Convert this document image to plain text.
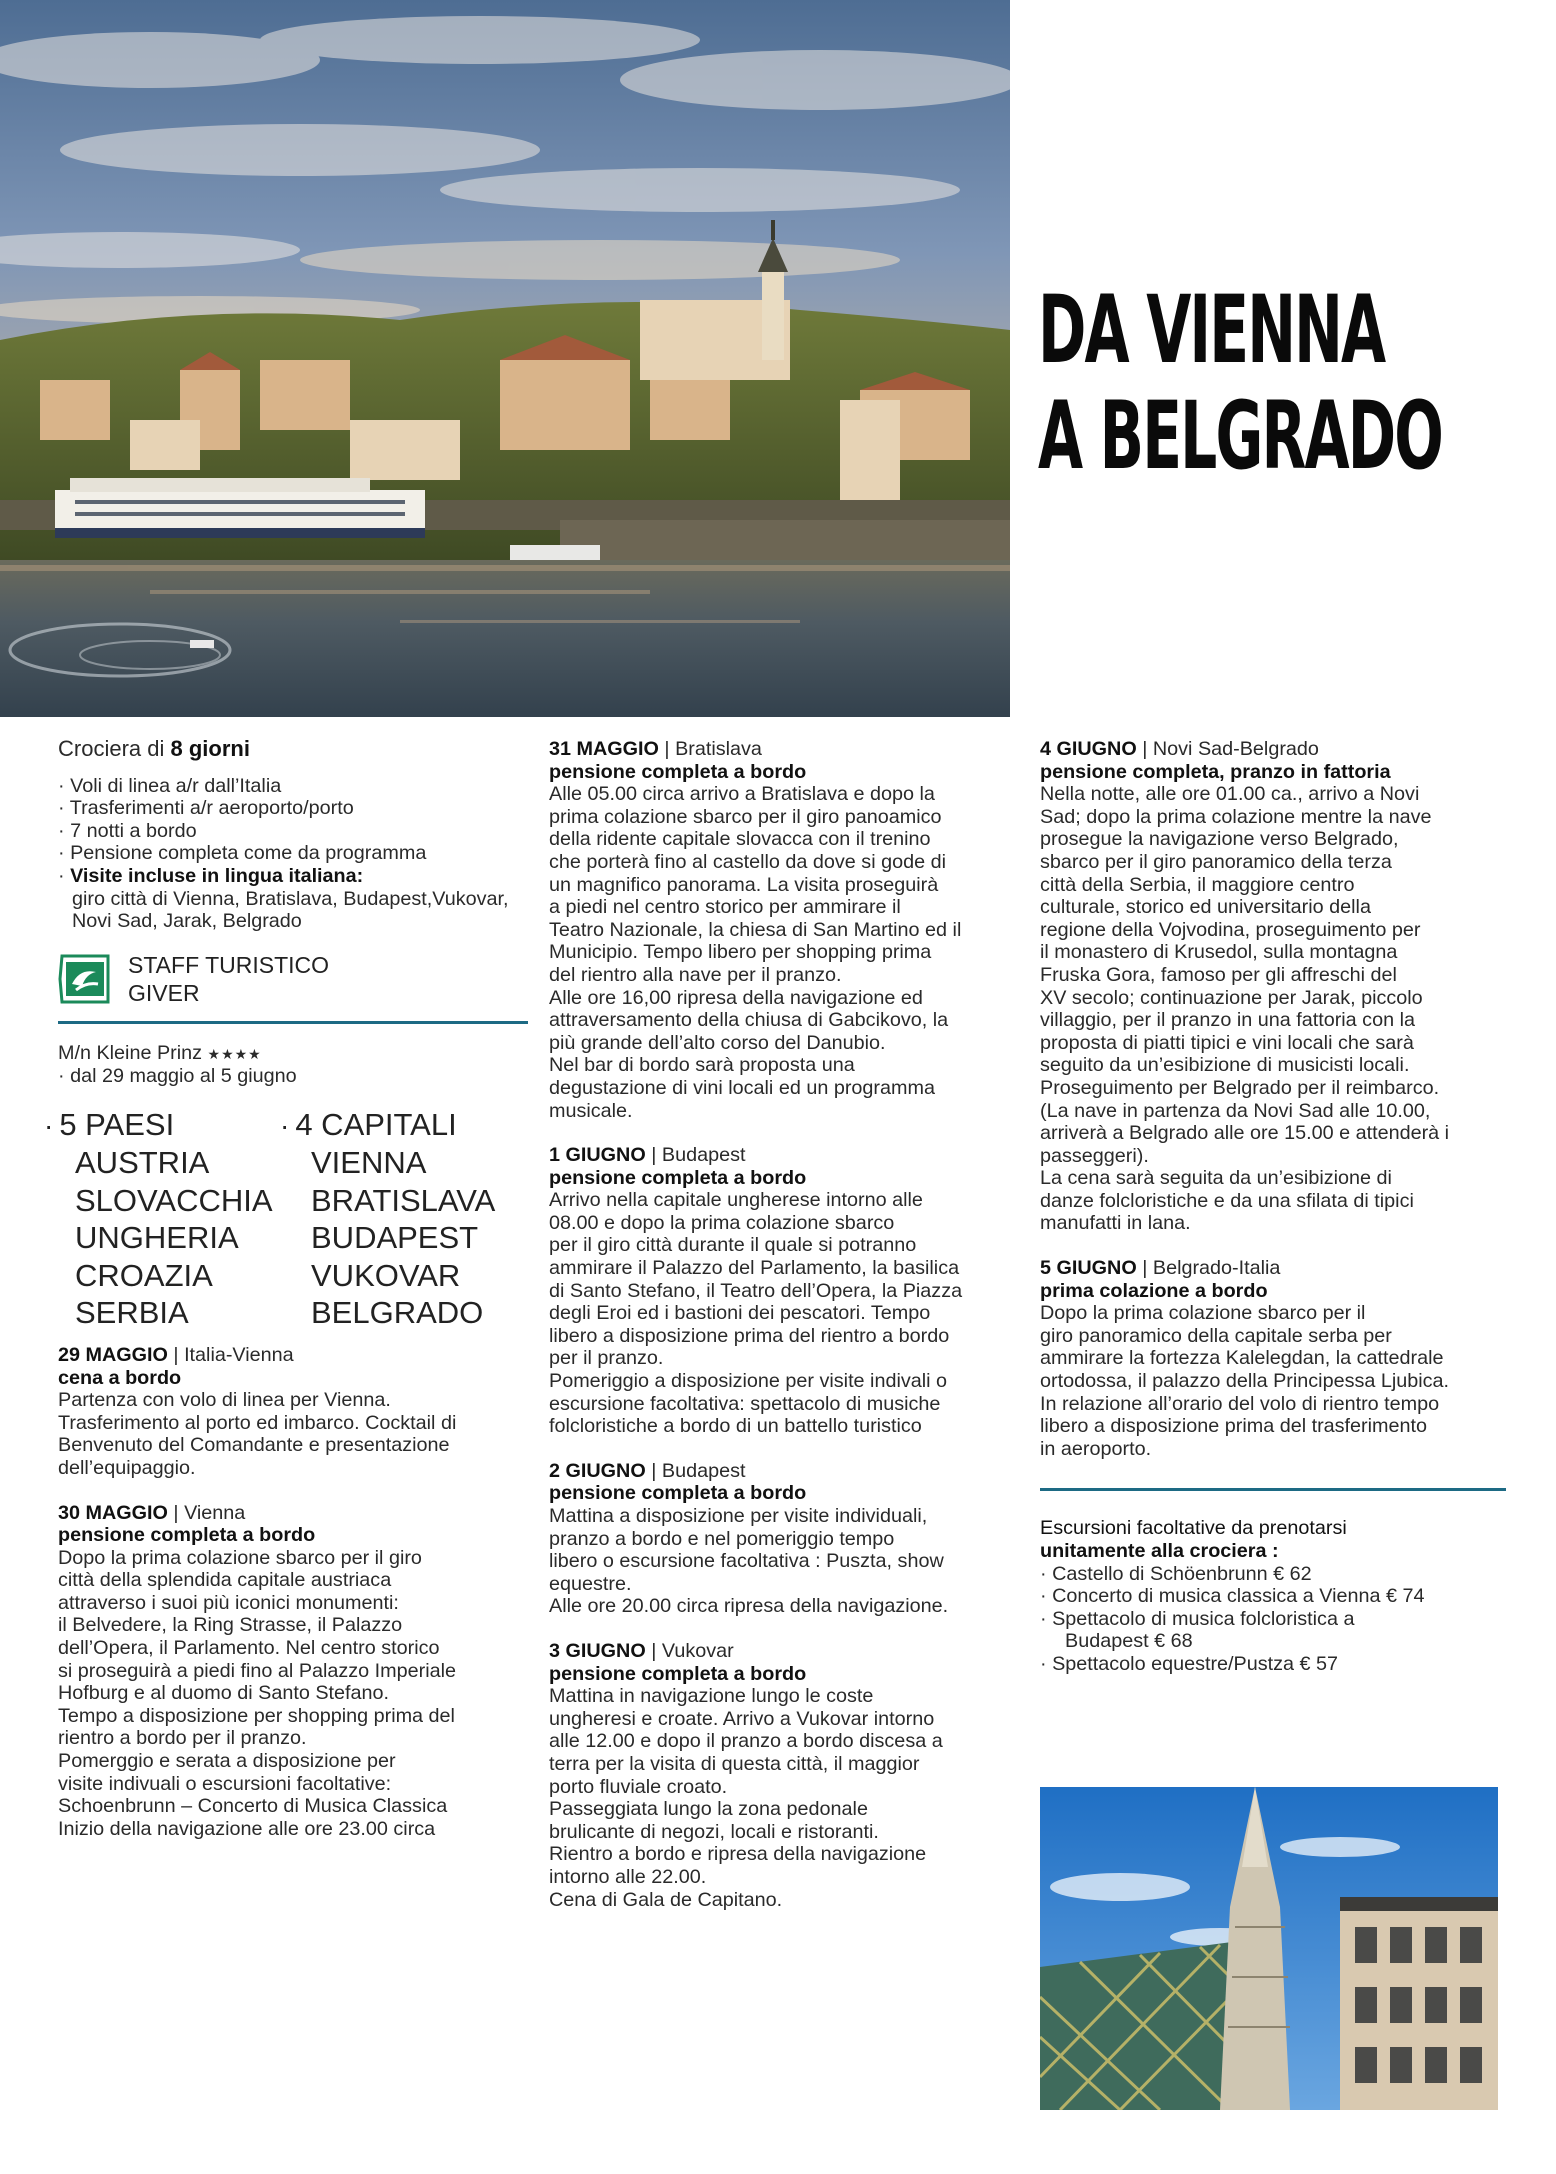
DA VIENNA
A BELGRADO

Crociera di 8 giorni

· Voli di linea a/r dall’Italia
· Trasferimenti a/r aeroporto/porto
· 7 notti a bordo
· Pensione completa come da programma
· Visite incluse in lingua italiana:
giro città di Vienna, Bratislava, Budapest,Vukovar, Novi Sad, Jarak, Belgrado
STAFF TURISTICO
GIVER

M/n Kleine Prinz ★★★★

· dal 29 maggio al 5 giugno

· 5 PAESI
AUSTRIA
SLOVACCHIA
UNGHERIA
CROAZIA
SERBIA
· 4 CAPITALI
VIENNA
BRATISLAVA
BUDAPEST
VUKOVAR
BELGRADO

29 MAGGIO | Italia-Vienna

cena a bordo

Partenza con volo di linea per Vienna.

Trasferimento al porto ed imbarco. Cocktail di

Benvenuto del Comandante e presentazione

dell’equipaggio.

30 MAGGIO | Vienna

pensione completa a bordo

Dopo la prima colazione sbarco per il giro

città della splendida capitale austriaca

attraverso i suoi più iconici monumenti:

il Belvedere, la Ring Strasse, il Palazzo

dell’Opera, il Parlamento. Nel centro storico

si proseguirà a piedi fino al Palazzo Imperiale

Hofburg e al duomo di Santo Stefano.

Tempo a disposizione per shopping prima del

rientro a bordo per il pranzo.

Pomerggio e serata a disposizione per

visite indivuali o escursioni facoltative:

Schoenbrunn – Concerto di Musica Classica

Inizio della navigazione alle ore 23.00 circa

31 MAGGIO | Bratislava

pensione completa a bordo

Alle 05.00 circa arrivo a Bratislava e dopo la

prima colazione sbarco per il giro panoamico

della ridente capitale slovacca con il trenino

che porterà fino al castello da dove si gode di

un magnifico panorama. La visita proseguirà

a piedi nel centro storico per ammirare il

Teatro Nazionale, la chiesa di San Martino ed il

Municipio. Tempo libero per shopping prima

del rientro alla nave per il pranzo.

Alle ore 16,00 ripresa della navigazione ed

attraversamento della chiusa di Gabcikovo, la

più grande dell’alto corso del Danubio.

Nel bar di bordo sarà proposta una

degustazione di vini locali ed un programma

musicale.

1 GIUGNO | Budapest

pensione completa a bordo

Arrivo nella capitale ungherese intorno alle

08.00 e dopo la prima colazione sbarco

per il giro città durante il quale si potranno

ammirare il Palazzo del Parlamento, la basilica

di Santo Stefano, il Teatro dell’Opera, la Piazza

degli Eroi ed i bastioni dei pescatori. Tempo

libero a disposizione prima del rientro a bordo

per il pranzo.

Pomeriggio a disposizione per visite indivali o

escursione facoltativa: spettacolo di musiche

folcloristiche a bordo di un battello turistico

2 GIUGNO | Budapest

pensione completa a bordo

Mattina a disposizione per visite individuali,

pranzo a bordo e nel pomeriggio tempo

libero o escursione facoltativa : Puszta, show

equestre.

Alle ore 20.00 circa ripresa della navigazione.

3 GIUGNO | Vukovar

pensione completa a bordo

Mattina in navigazione lungo le coste

ungheresi e croate. Arrivo a Vukovar intorno

alle 12.00 e dopo il pranzo a bordo discesa a

terra per la visita di questa città, il maggior

porto fluviale croato.

Passeggiata lungo la zona pedonale

brulicante di negozi, locali e ristoranti.

Rientro a bordo e ripresa della navigazione

intorno alle 22.00.

Cena di Gala de Capitano.

4 GIUGNO | Novi Sad-Belgrado

pensione completa, pranzo in fattoria

Nella notte, alle ore 01.00 ca., arrivo a Novi

Sad; dopo la prima colazione mentre la nave

prosegue la navigazione verso Belgrado,

sbarco per il giro panoramico della terza

città della Serbia, il maggiore centro

culturale, storico ed universitario della

regione della Vojvodina, proseguimento per

il monastero di Krusedol, sulla montagna

Fruska Gora, famoso per gli affreschi del

XV secolo; continuazione per Jarak, piccolo

villaggio, per il pranzo in una fattoria con la

proposta di piatti tipici e vini locali che sarà

seguito da un’esibizione di musicisti locali.

Proseguimento per Belgrado per il reimbarco.

(La nave in partenza da Novi Sad alle 10.00,

arriverà a Belgrado alle ore 15.00 e attenderà i

passeggeri).

La cena sarà seguita da un’esibizione di

danze folcloristiche e da una sfilata di tipici

manufatti in lana.

5 GIUGNO | Belgrado-Italia

prima colazione a bordo

Dopo la prima colazione sbarco per il

giro panoramico della capitale serba per

ammirare la fortezza Kalelegdan, la cattedrale

ortodossa, il palazzo della Principessa Ljubica.

In relazione all’orario del volo di rientro tempo

libero a disposizione prima del trasferimento

in aeroporto.

Escursioni facoltative da prenotarsi

unitamente alla crociera :

· Castello di Schöenbrunn € 62
· Concerto di musica classica a Vienna € 74
· Spettacolo di musica folcloristica a
Budapest € 68
· Spettacolo equestre/Pustza € 57
